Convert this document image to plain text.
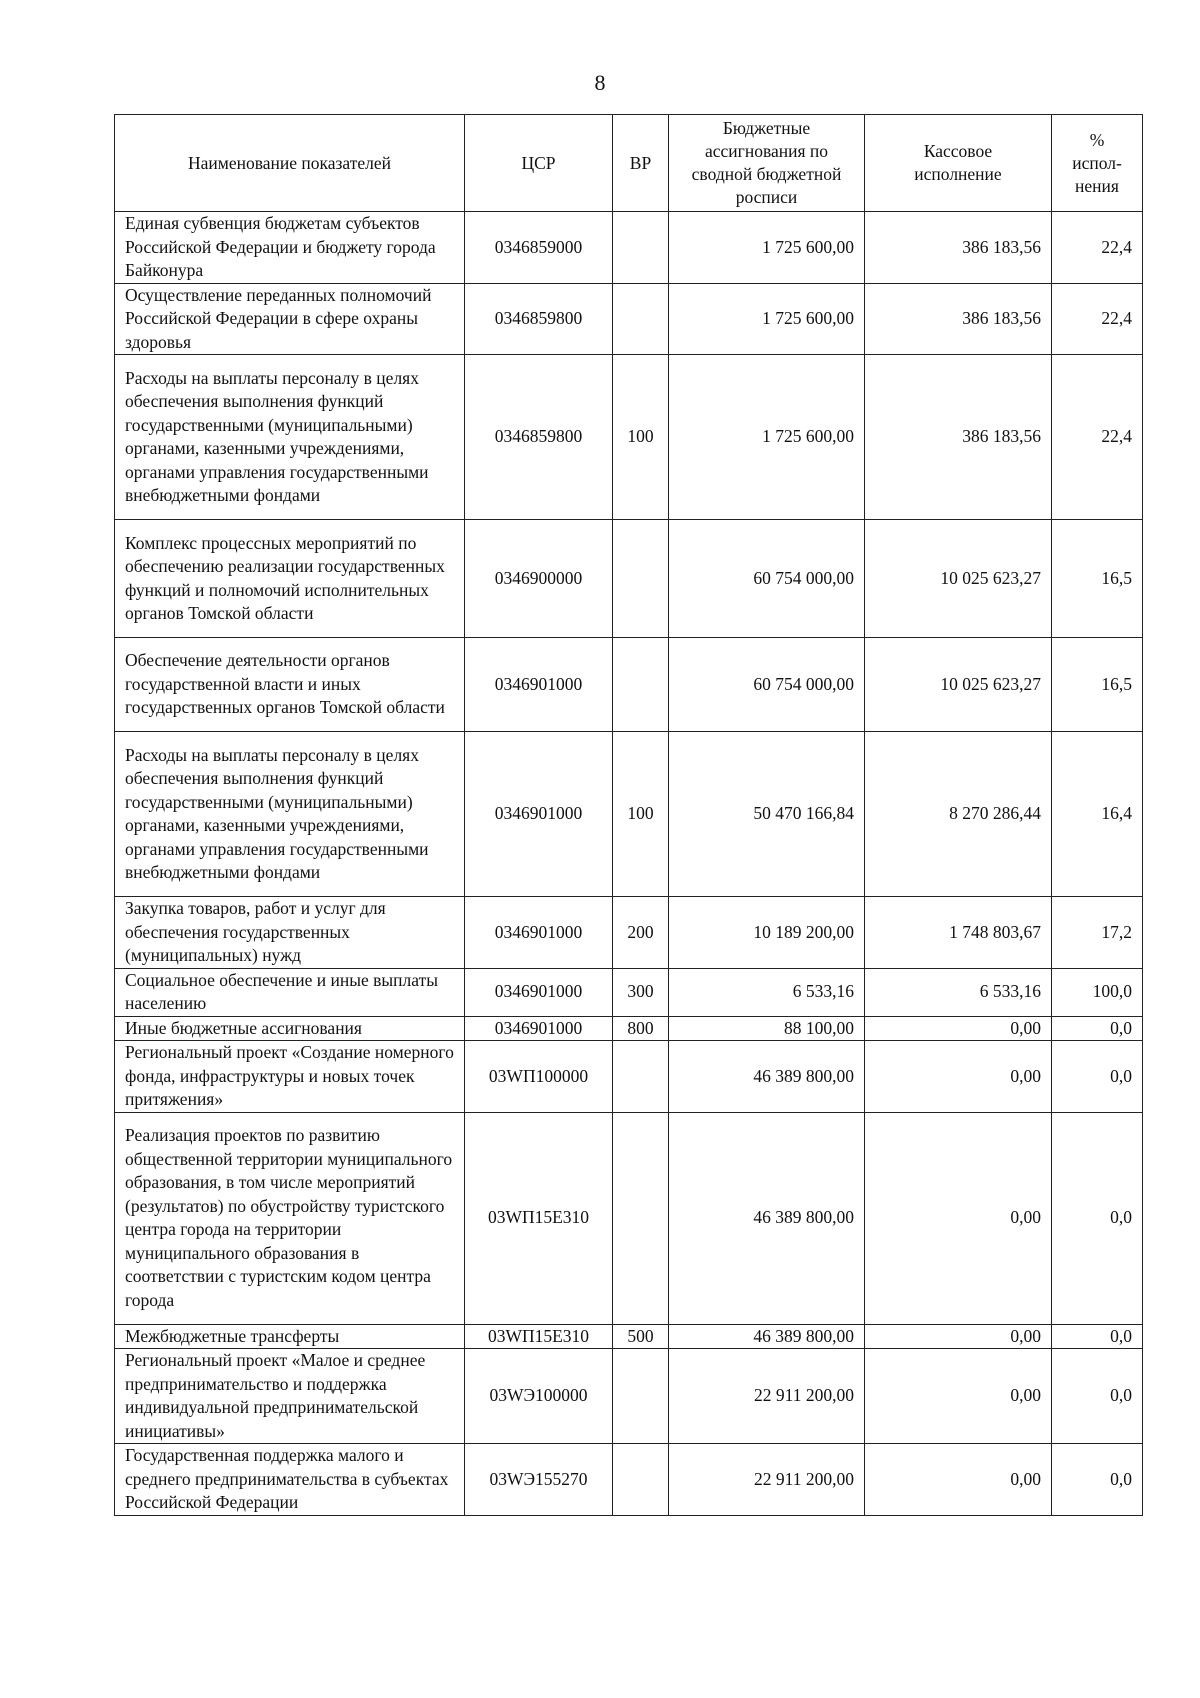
8
Наименование показателей	ЦСР	ВР	Бюджетные ассигнования по сводной бюджетной росписи	Кассовое исполнение	% испол-нения
Единая субвенция бюджетам субъектов Российской Федерации и бюджету города Байконура	0346859000		1 725 600,00	386 183,56	22,4
Осуществление переданных полномочий Российской Федерации в сфере охраны здоровья	0346859800		1 725 600,00	386 183,56	22,4
Расходы на выплаты персоналу в целях обеспечения выполнения функций государственными (муниципальными) органами, казенными учреждениями, органами управления государственными внебюджетными фондами	0346859800	100	1 725 600,00	386 183,56	22,4
Комплекс процессных мероприятий по обеспечению реализации государственных функций и полномочий исполнительных органов Томской области	0346900000		60 754 000,00	10 025 623,27	16,5
Обеспечение деятельности органов государственной власти и иных государственных органов Томской области	0346901000		60 754 000,00	10 025 623,27	16,5
Расходы на выплаты персоналу в целях обеспечения выполнения функций государственными (муниципальными) органами, казенными учреждениями, органами управления государственными внебюджетными фондами	0346901000	100	50 470 166,84	8 270 286,44	16,4
Закупка товаров, работ и услуг для обеспечения государственных (муниципальных) нужд	0346901000	200	10 189 200,00	1 748 803,67	17,2
Социальное обеспечение и иные выплаты населению	0346901000	300	6 533,16	6 533,16	100,0
Иные бюджетные ассигнования	0346901000	800	88 100,00	0,00	0,0
Региональный проект «Создание номерного фонда, инфраструктуры и новых точек притяжения»	03WП100000		46 389 800,00	0,00	0,0
Реализация проектов по развитию общественной территории муниципального образования, в том числе мероприятий (результатов) по обустройству туристского центра города на территории муниципального образования в соответствии с туристским кодом центра города	03WП15E310		46 389 800,00	0,00	0,0
Межбюджетные трансферты	03WП15E310	500	46 389 800,00	0,00	0,0
Региональный проект «Малое и среднее предпринимательство и поддержка индивидуальной предпринимательской инициативы»	03WЭ100000		22 911 200,00	0,00	0,0
Государственная поддержка малого и среднего предпринимательства в субъектах Российской Федерации	03WЭ155270		22 911 200,00	0,00	0,0
